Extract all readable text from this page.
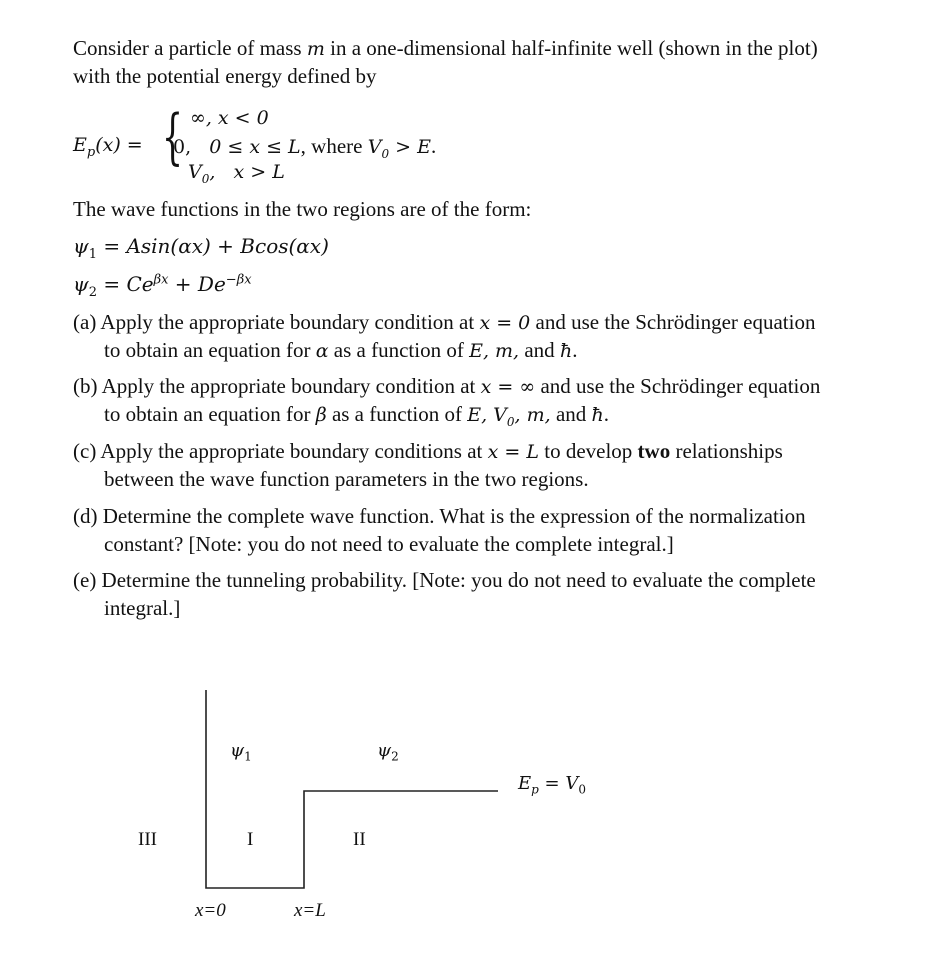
Consider a particle of mass m in a one-dimensional half-infinite well (shown in the plot)
with the potential energy defined by
$E_p(x)$ = { ∞, x < 0
0,   0 ≤ x ≤ L, where $V_0 > E$.
$V_0$,   x > L
The wave functions in the two regions are of the form:
$\psi_1 = Asin(\alpha x) + Bcos(\alpha x)$
$\psi_2 = Ce^{\beta x} + De^{-\beta x}$
(a) Apply the appropriate boundary condition at x = 0 and use the Schrödinger equation
to obtain an equation for α as a function of E, m, and ħ.
(b) Apply the appropriate boundary condition at x = ∞ and use the Schrödinger equation
to obtain an equation for β as a function of E, $V_0$, m, and ħ.
(c) Apply the appropriate boundary conditions at x = L to develop two relationships
between the wave function parameters in the two regions.
(d) Determine the complete wave function. What is the expression of the normalization
constant? [Note: you do not need to evaluate the complete integral.]
(e) Determine the tunneling probability. [Note: you do not need to evaluate the complete
integral.]
$\psi_1$	$\psi_2$
$E_p = V_0$
III	I	II
x=0	x=L
